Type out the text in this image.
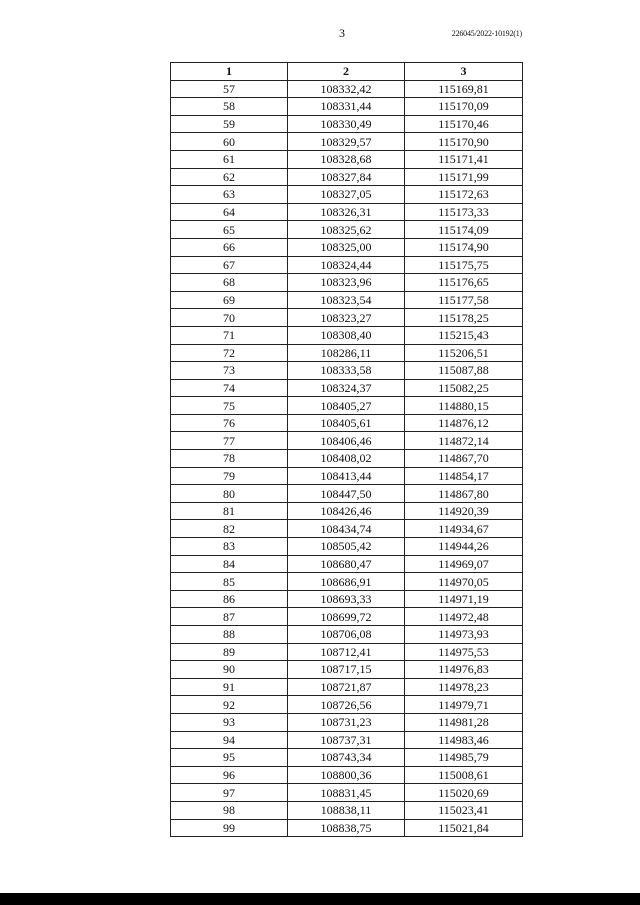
3	226045/2022-10192(1)
1	2	3
57	108332,42	115169,81
58	108331,44	115170,09
59	108330,49	115170,46
60	108329,57	115170,90
61	108328,68	115171,41
62	108327,84	115171,99
63	108327,05	115172,63
64	108326,31	115173,33
65	108325,62	115174,09
66	108325,00	115174,90
67	108324,44	115175,75
68	108323,96	115176,65
69	108323,54	115177,58
70	108323,27	115178,25
71	108308,40	115215,43
72	108286,11	115206,51
73	108333,58	115087,88
74	108324,37	115082,25
75	108405,27	114880,15
76	108405,61	114876,12
77	108406,46	114872,14
78	108408,02	114867,70
79	108413,44	114854,17
80	108447,50	114867,80
81	108426,46	114920,39
82	108434,74	114934,67
83	108505,42	114944,26
84	108680,47	114969,07
85	108686,91	114970,05
86	108693,33	114971,19
87	108699,72	114972,48
88	108706,08	114973,93
89	108712,41	114975,53
90	108717,15	114976,83
91	108721,87	114978,23
92	108726,56	114979,71
93	108731,23	114981,28
94	108737,31	114983,46
95	108743,34	114985,79
96	108800,36	115008,61
97	108831,45	115020,69
98	108838,11	115023,41
99	108838,75	115021,84
